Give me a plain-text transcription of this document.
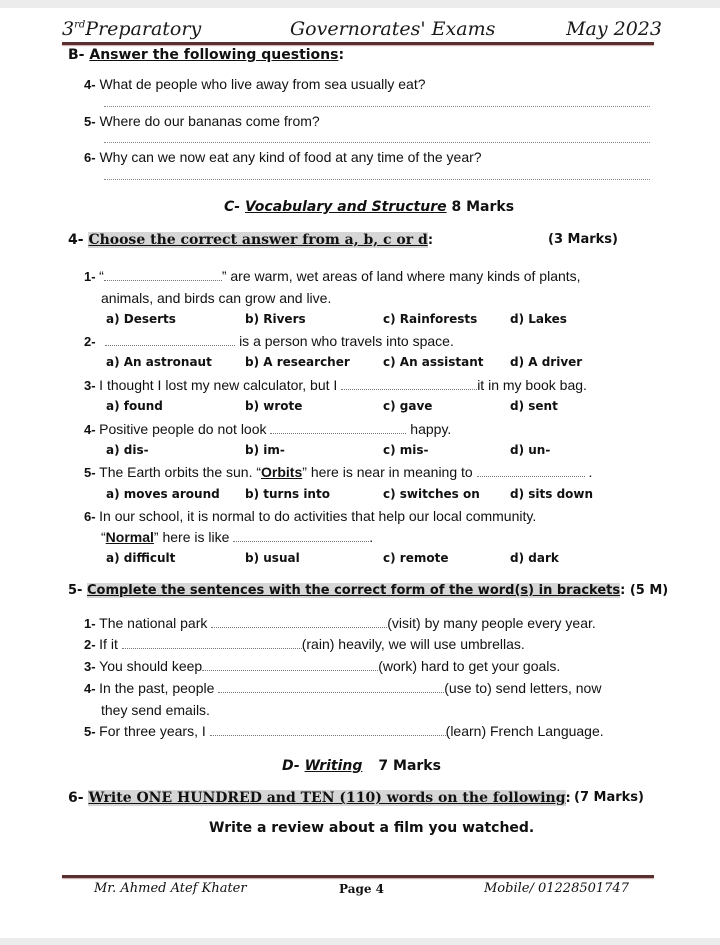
3rdPreparatory	Governorates' Exams	May 2023
B- Answer the following questions:
4- What de people who live away from sea usually eat?
5- Where do our bananas come from?
6- Why can we now eat any kind of food at any time of the year?
C- Vocabulary and Structure 8 Marks
4- Choose the correct answer from a, b, c or d:	(3 Marks)
1- “	” are warm, wet areas of land where many kinds of plants,
animals, and birds can grow and live.
a) Deserts	b) Rivers	c) Rainforests	d) Lakes
2-	is a person who travels into space.
a) An astronaut	b) A researcher	c) An assistant d) A driver
3- I thought I lost my new calculator, but I	it in my book bag.
a) found	b) wrote	c) gave	d) sent
4- Positive people do not look	happy.
a) dis-	b) im-	c) mis-	d) un-
5- The Earth orbits the sun. “Orbits” here is near in meaning to	.
a) moves around b) turns into	c) switches on	d) sits down
6- In our school, it is normal to do activities that help our local community.
“Normal” here is like	.
a) difficult	b) usual	c) remote	d) dark
5- Complete the sentences with the correct form of the word(s) in brackets: (5 M)
1- The national park	(visit) by many people every year.
2- If it	(rain) heavily, we will use umbrellas.
3- You should keep	(work) hard to get your goals.
4- In the past, people	(use to) send letters, now
they send emails.
5- For three years, I	(learn) French Language.
D- Writing 7 Marks
6- Write ONE HUNDRED and TEN (110) words on the following: (7 Marks)
Write a review about a film you watched.
Mr. Ahmed Atef Khater	Page 4	Mobile/ 01228501747
